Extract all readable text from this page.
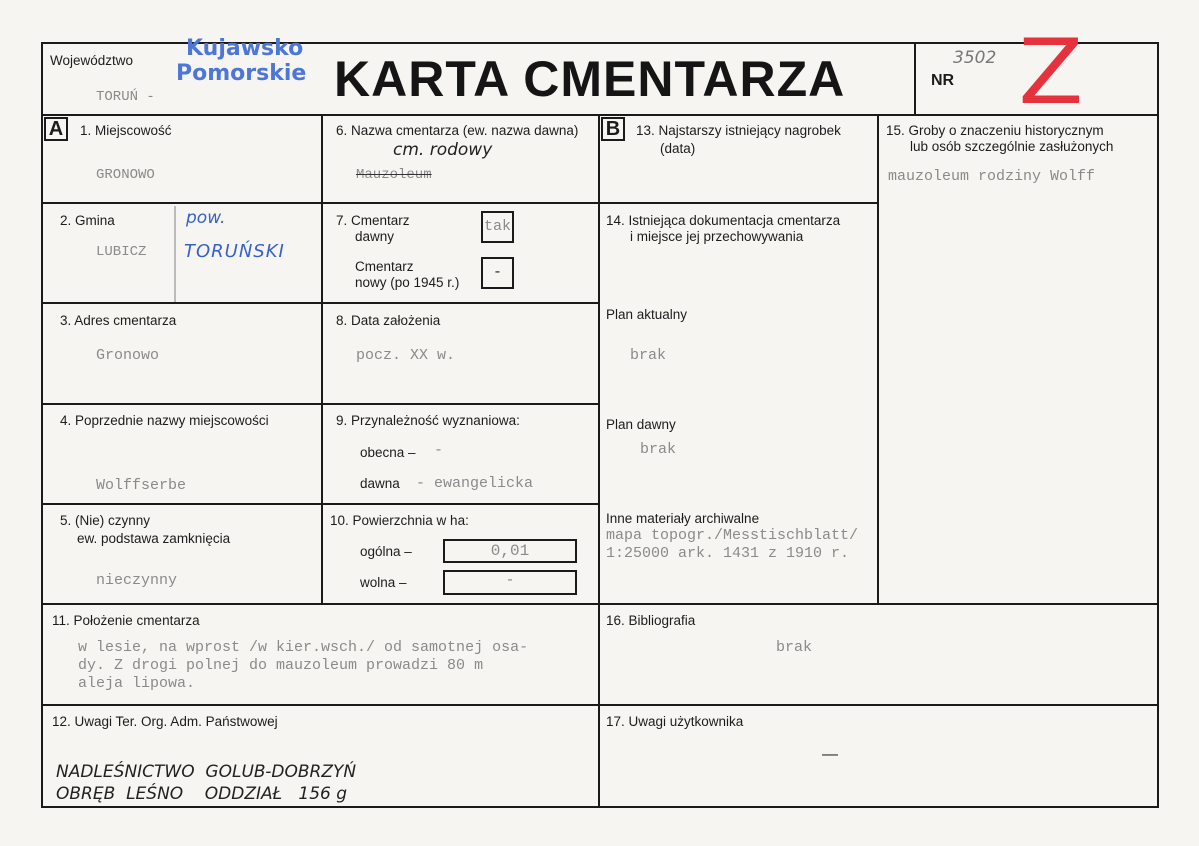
Województwo
TORUŃ -
Kujawsko
Pomorskie KARTA CMENTARZA	NR
3502 Z
A	B
1. Miejscowość
GRONOWO
2. Gmina
LUBICZ
pow.
TORUŃSKI
3. Adres cmentarza
Gronowo
4. Poprzednie nazwy miejscowości
Wolffserbe
5. (Nie) czynny
ew. podstawa zamknięcia
nieczynny
6. Nazwa cmentarza (ew. nazwa dawna)
cm. rodowy
Mauzoleum
7. Cmentarz
dawny
tak
Cmentarz
nowy (po 1945 r.)
-
8. Data założenia
pocz. XX w.
9. Przynależność wyznaniowa:
obecna – -
dawna - ewangelicka
10. Powierzchnia w ha:
ogólna –	0,01
wolna –	-
11. Położenie cmentarza
w lesie, na wprost /w kier.wsch./ od samotnej osa-
dy. Z drogi polnej do mauzoleum prowadzi 80 m
aleja lipowa.
12. Uwagi Ter. Org. Adm. Państwowej
NADLEŚNICTWO  GOLUB-DOBRZYŃ
OBRĘB  LEŚNO    ODDZIAŁ   156 g
13. Najstarszy istniejący nagrobek
(data)
14. Istniejąca dokumentacja cmentarza
i miejsce jej przechowywania
Plan aktualny
brak
Plan dawny
brak
Inne materiały archiwalne
mapa topogr./Messtischblatt/
1:25000 ark. 1431 z 1910 r.
15. Groby o znaczeniu historycznym
lub osób szczególnie zasłużonych
mauzoleum rodziny Wolff
16. Bibliografia
brak
17. Uwagi użytkownika
—
